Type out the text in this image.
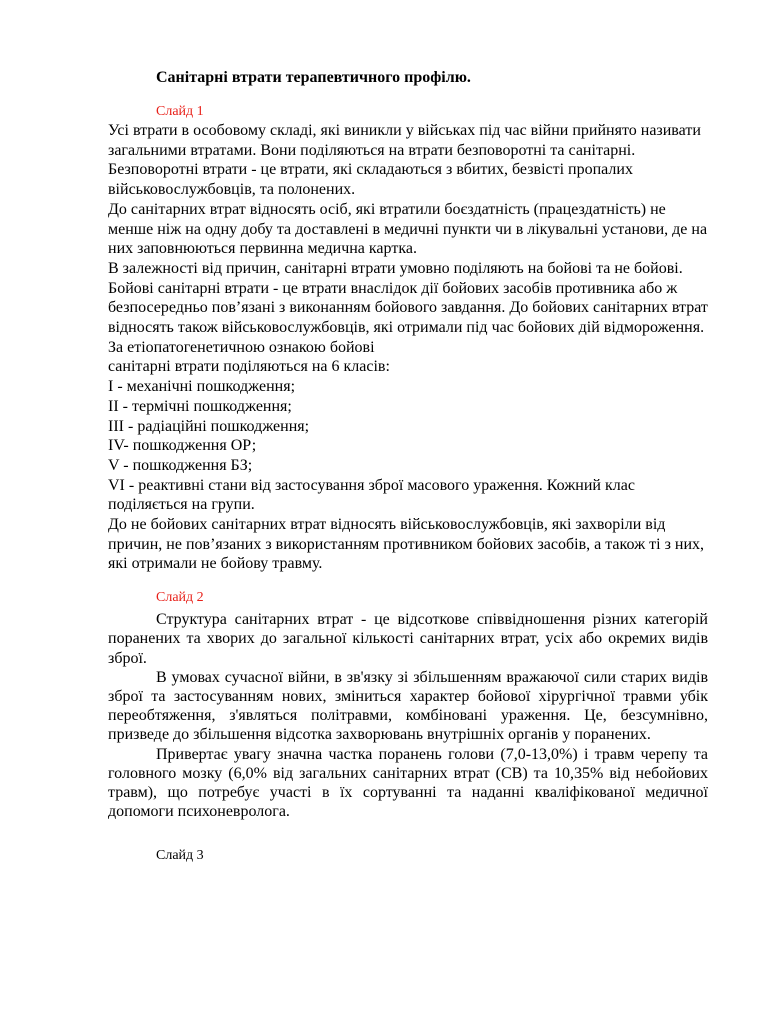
Санітарні втрати терапевтичного профілю.
Слайд 1

Усі втрати в особовому складі, які виникли у військах під час війни прийнято називати загальними втратами. Вони поділяються на втрати безповоротні та санітарні.

Безповоротні втрати - це втрати, які складаються з вбитих, безвісті пропалих військовослужбовців, та полонених.

До санітарних втрат відносять осіб, які втратили боєздатність (працездатність) не менше ніж на одну добу та доставлені в медичні пункти чи в лікувальні установи, де на них заповнюються первинна медична картка.

В залежності від причин, санітарні втрати умовно поділяють на бойові та не бойові.

Бойові санітарні втрати - це втрати внаслідок дії бойових засобів противника або ж безпосередньо пов’язані з виконанням бойового завдання. До бойових санітарних втрат відносять також військовослужбовців, які отримали під час бойових дій відмороження. За етіопатогенетичною ознакою бойові

санітарні втрати поділяються на 6 класів:

I - механічні пошкодження;

II - термічні пошкодження;

III - радіаційні пошкодження;

IV- пошкодження ОР;

V - пошкодження БЗ;

VI - реактивні стани від застосування зброї масового ураження. Кожний клас поділяється на групи.

До не бойових санітарних втрат відносять військовослужбовців, які захворіли від причин, не пов’язаних з використанням противником бойових засобів, а також ті з них, які отримали не бойову травму.

Слайд 2

Структура санітарних втрат - це відсоткове співвідношення різних категорій поранених та хворих до загальної кількості санітарних втрат, усіх або окремих видів зброї.

В умовах сучасної війни, в зв'язку зі збільшенням вражаючої сили старих видів зброї та застосуванням нових, зміниться характер бойової хірургічної травми убік переобтяження, з'являться політравми, комбіновані ураження. Це, безсумнівно, призведе до збільшення відсотка захворювань внутрішніх органів у поранених.

Привертає увагу значна частка поранень голови (7,0-13,0%) і травм черепу та головного мозку (6,0% від загальних санітарних втрат (СВ) та 10,35% від небойових травм), що потребує участі в їх сортуванні та наданні кваліфікованої медичної допомоги психоневролога.

Слайд 3
